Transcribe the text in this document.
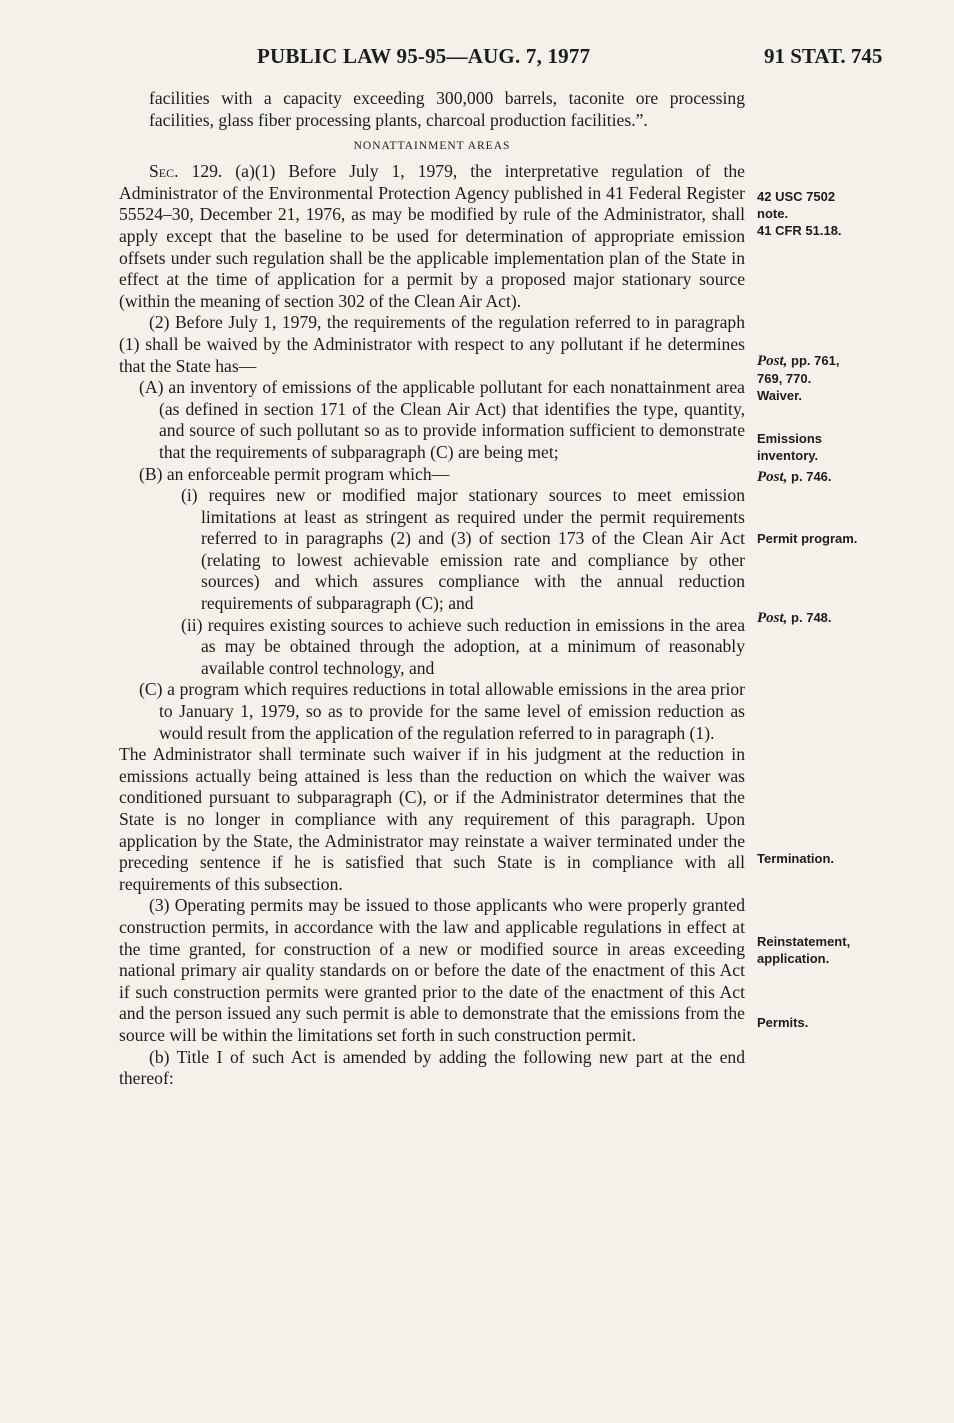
PUBLIC LAW 95-95—AUG. 7, 1977	91 STAT. 745

facilities with a capacity exceeding 300,000 barrels, taconite ore processing facilities, glass fiber processing plants, charcoal production facilities.”.

NONATTAINMENT AREAS

Sec. 129. (a)(1) Before July 1, 1979, the interpretative regulation of the Administrator of the Environmental Protection Agency published in 41 Federal Register 55524–30, December 21, 1976, as may be modified by rule of the Administrator, shall apply except that the baseline to be used for determination of appropriate emission offsets under such regulation shall be the applicable implementation plan of the State in effect at the time of application for a permit by a proposed major stationary source (within the meaning of section 302 of the Clean Air Act).

(2) Before July 1, 1979, the requirements of the regulation referred to in paragraph (1) shall be waived by the Administrator with respect to any pollutant if he determines that the State has—

(A) an inventory of emissions of the applicable pollutant for each nonattainment area (as defined in section 171 of the Clean Air Act) that identifies the type, quantity, and source of such pollutant so as to provide information sufficient to demonstrate that the requirements of subparagraph (C) are being met;

(B) an enforceable permit program which—

(i) requires new or modified major stationary sources to meet emission limitations at least as stringent as required under the permit requirements referred to in paragraphs (2) and (3) of section 173 of the Clean Air Act (relating to lowest achievable emission rate and compliance by other sources) and which assures compliance with the annual reduction requirements of subparagraph (C); and

(ii) requires existing sources to achieve such reduction in emissions in the area as may be obtained through the adoption, at a minimum of reasonably available control technology, and

(C) a program which requires reductions in total allowable emissions in the area prior to January 1, 1979, so as to provide for the same level of emission reduction as would result from the application of the regulation referred to in paragraph (1).

The Administrator shall terminate such waiver if in his judgment at the reduction in emissions actually being attained is less than the reduction on which the waiver was conditioned pursuant to subparagraph (C), or if the Administrator determines that the State is no longer in compliance with any requirement of this paragraph. Upon application by the State, the Administrator may reinstate a waiver terminated under the preceding sentence if he is satisfied that such State is in compliance with all requirements of this subsection.

(3) Operating permits may be issued to those applicants who were properly granted construction permits, in accordance with the law and applicable regulations in effect at the time granted, for construction of a new or modified source in areas exceeding national primary air quality standards on or before the date of the enactment of this Act if such construction permits were granted prior to the date of the enactment of this Act and the person issued any such permit is able to demonstrate that the emissions from the source will be within the limitations set forth in such construction permit.

(b) Title I of such Act is amended by adding the following new part at the end thereof:

42 USC 7502
note.
41 CFR 51.18.
Post, pp. 761,
769, 770.
Waiver.
Emissions
inventory.
Post, p. 746.
Permit program.
Post, p. 748.
Termination.
Reinstatement,
application.
Permits.
